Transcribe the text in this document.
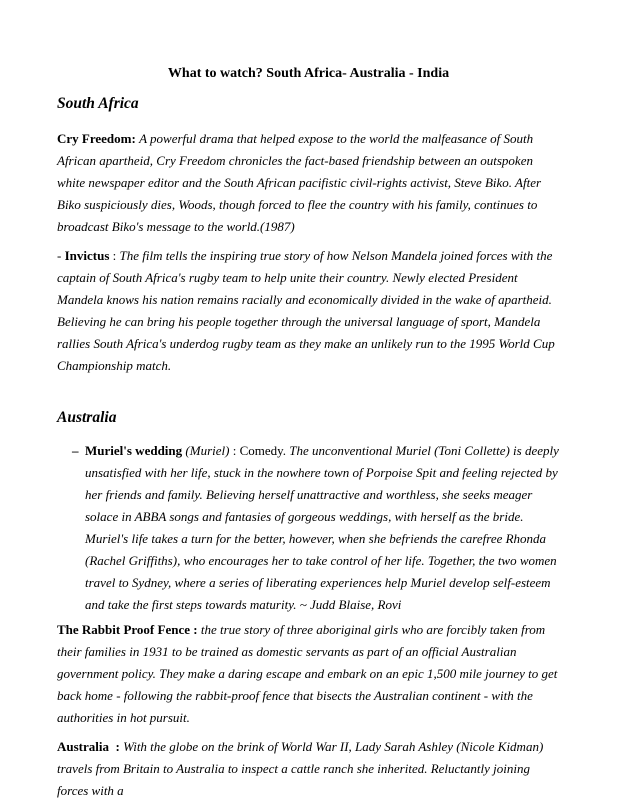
What to watch? South Africa- Australia - India
South Africa

Cry Freedom: A powerful drama that helped expose to the world the malfeasance of South African apartheid, Cry Freedom chronicles the fact-based friendship between an outspoken white newspaper editor and the South African pacifistic civil-rights activist, Steve Biko. After Biko suspiciously dies, Woods, though forced to flee the country with his family, continues to broadcast Biko's message to the world.(1987)

- Invictus : The film tells the inspiring true story of how Nelson Mandela joined forces with the captain of South Africa's rugby team to help unite their country. Newly elected President Mandela knows his nation remains racially and economically divided in the wake of apartheid. Believing he can bring his people together through the universal language of sport, Mandela rallies South Africa's underdog rugby team as they make an unlikely run to the 1995 World Cup Championship match.

Australia
– Muriel's wedding (Muriel) : Comedy. The unconventional Muriel (Toni Collette) is deeply unsatisfied with her life, stuck in the nowhere town of Porpoise Spit and feeling rejected by her friends and family. Believing herself unattractive and worthless, she seeks meager solace in ABBA songs and fantasies of gorgeous weddings, with herself as the bride. Muriel's life takes a turn for the better, however, when she befriends the carefree Rhonda (Rachel Griffiths), who encourages her to take control of her life. Together, the two women travel to Sydney, where a series of liberating experiences help Muriel develop self-esteem and take the first steps towards maturity. ~ Judd Blaise, Rovi

The Rabbit Proof Fence : the true story of three aboriginal girls who are forcibly taken from their families in 1931 to be trained as domestic servants as part of an official Australian government policy. They make a daring escape and embark on an epic 1,500 mile journey to get back home - following the rabbit-proof fence that bisects the Australian continent - with the authorities in hot pursuit.

Australia  : With the globe on the brink of World War II, Lady Sarah Ashley (Nicole Kidman) travels from Britain to Australia to inspect a cattle ranch she inherited. Reluctantly joining forces with a
